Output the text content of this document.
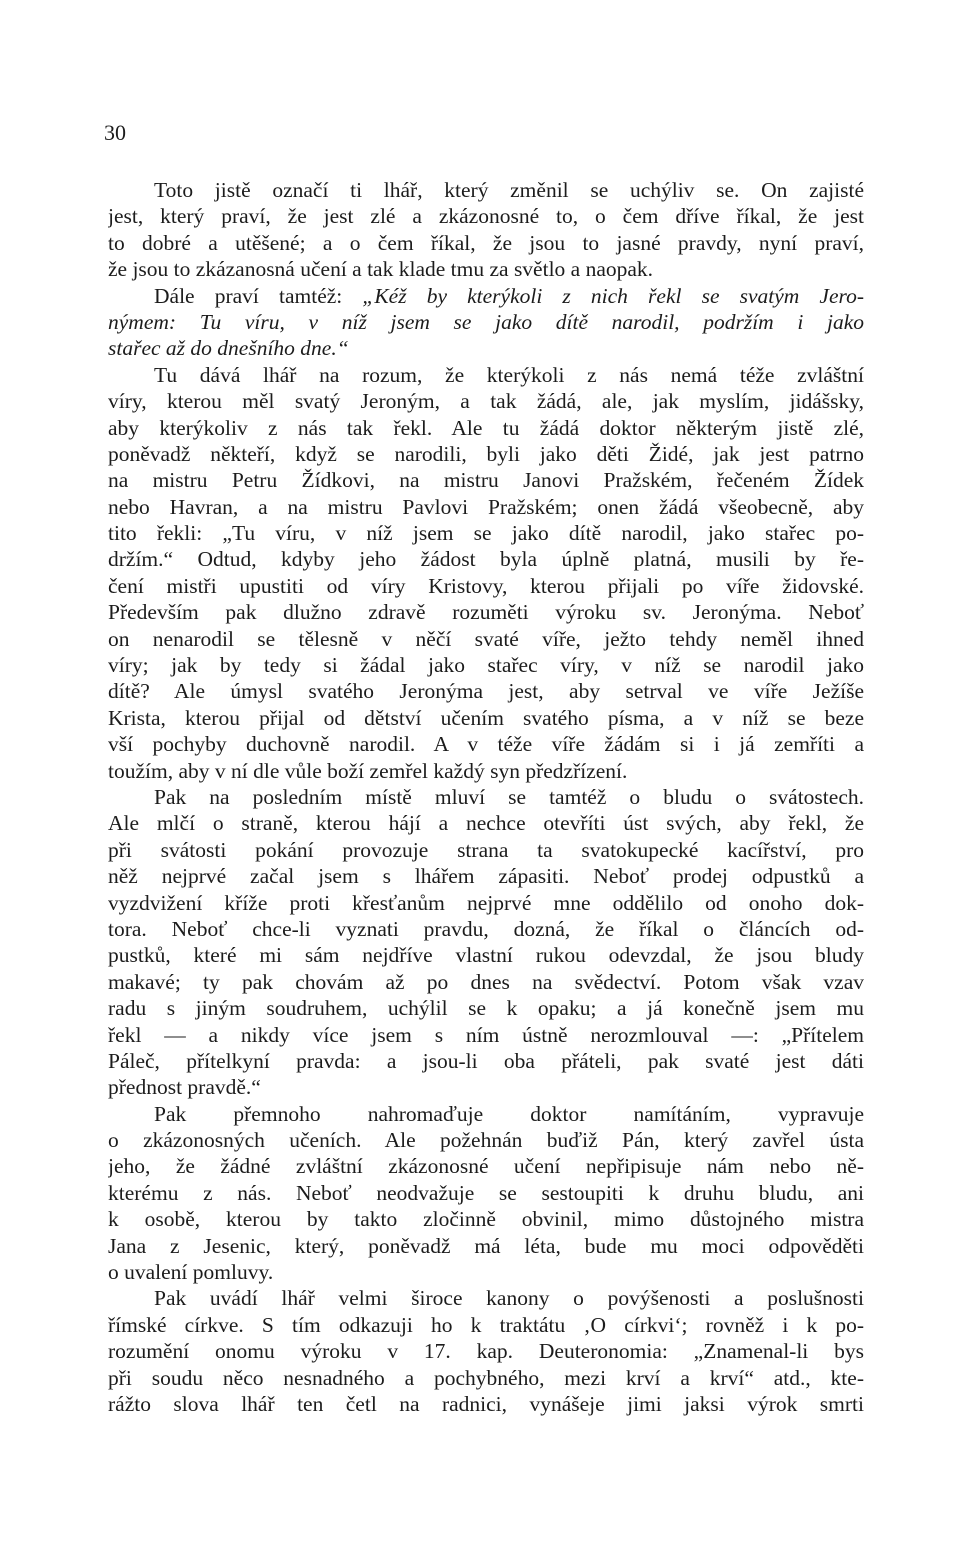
30
Toto jistě označí ti lhář, který změnil se uchýliv se. On zajisté
jest, který praví, že jest zlé a zkázonosné to, o čem dříve říkal, že jest
to dobré a utěšené; a o čem říkal, že jsou to jasné pravdy, nyní praví,
že jsou to zkázanosná učení a tak klade tmu za světlo a naopak.
Dále praví tamtéž: „Kéž by kterýkoli z nich řekl se svatým Jero-
nýmem: Tu víru, v níž jsem se jako dítě narodil, podržím i jako
stařec až do dnešního dne.“
Tu dává lhář na rozum, že kterýkoli z nás nemá téže zvláštní
víry, kterou měl svatý Jeroným, a tak žádá, ale, jak myslím, jidášsky,
aby kterýkoliv z nás tak řekl. Ale tu žádá doktor některým jistě zlé,
poněvadž někteří, když se narodili, byli jako děti Židé, jak jest patrno
na mistru Petru Žídkovi, na mistru Janovi Pražském, řečeném Žídek
nebo Havran, a na mistru Pavlovi Pražském; onen žádá všeobecně, aby
tito řekli: „Tu víru, v níž jsem se jako dítě narodil, jako stařec po-
držím.“ Odtud, kdyby jeho žádost byla úplně platná, musili by ře-
čení mistři upustiti od víry Kristovy, kterou přijali po víře židovské.
Především pak dlužno zdravě rozuměti výroku sv. Jeronýma. Neboť
on nenarodil se tělesně v něčí svaté víře, ježto tehdy neměl ihned
víry; jak by tedy si žádal jako stařec víry, v níž se narodil jako
dítě? Ale úmysl svatého Jeronýma jest, aby setrval ve víře Ježíše
Krista, kterou přijal od dětství učením svatého písma, a v níž se beze
vší pochyby duchovně narodil. A v téže víře žádám si i já zemříti a
toužím, aby v ní dle vůle boží zemřel každý syn předzřízení.
Pak na posledním místě mluví se tamtéž o bludu o svátostech.
Ale mlčí o straně, kterou hájí a nechce otevříti úst svých, aby řekl, že
při svátosti pokání provozuje strana ta svatokupecké kacířství, pro
něž nejprvé začal jsem s lhářem zápasiti. Neboť prodej odpustků a
vyzdvižení kříže proti křesťanům nejprvé mne oddělilo od onoho dok-
tora. Neboť chce-li vyznati pravdu, dozná, že říkal o článcích od-
pustků, které mi sám nejdříve vlastní rukou odevzdal, že jsou bludy
makavé; ty pak chovám až po dnes na svědectví. Potom však vzav
radu s jiným soudruhem, uchýlil se k opaku; a já konečně jsem mu
řekl — a nikdy více jsem s ním ústně nerozmlouval —: „Přítelem
Páleč, přítelkyní pravda: a jsou-li oba přáteli, pak svaté jest dáti
přednost pravdě.“
Pak přemnoho nahromaďuje doktor namítáním, vypravuje
o zkázonosných učeních. Ale požehnán buďiž Pán, který zavřel ústa
jeho, že žádné zvláštní zkázonosné učení nepřipisuje nám nebo ně-
kterému z nás. Neboť neodvažuje se sestoupiti k druhu bludu, ani
k osobě, kterou by takto zločinně obvinil, mimo důstojného mistra
Jana z Jesenic, který, poněvadž má léta, bude mu moci odpověděti
o uvalení pomluvy.
Pak uvádí lhář velmi široce kanony o povýšenosti a poslušnosti
římské církve. S tím odkazuji ho k traktátu ‚O církvi‘; rovněž i k po-
rozumění onomu výroku v 17. kap. Deuteronomia: „Znamenal-li bys
při soudu něco nesnadného a pochybného, mezi krví a krví“ atd., kte-
rážto slova lhář ten četl na radnici, vynášeje jimi jaksi výrok smrti
